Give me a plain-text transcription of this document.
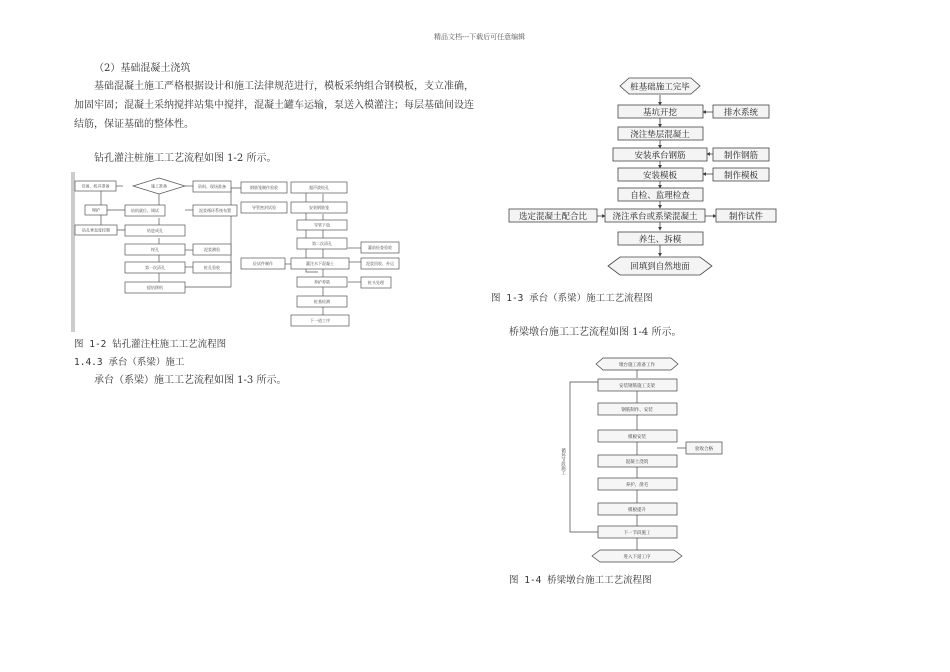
精品文档---下载后可任意编辑
（2）基础混凝土浇筑
基础混凝土施工严格根据设计和施工法律规范进行，模板采纳组合钢模板，支立准确，
加固牢固；混凝土采纳搅拌站集中搅拌，混凝土罐车运输，泵送入模灌注；每层基础间设连
结筋，保证基础的整体性。
钻孔灌注桩施工工艺流程如图 1-2 所示。
施工准备
设备、机具准备
埋护
钻孔垂直度控制
钻机就位、调试
钻进成孔
终孔
第一次清孔
提钻移机
资料、现场准备
泥浆循环系统布置
泥浆测验
桩孔验收
钢筋笼制作验收
导管密封试验
超声波检孔
安装钢筋笼
导管下放
第二次清孔
灌注水下混凝土
养护养筋
桩基检测
下一道工序
砼试件制作
灌前检查验收
泥浆回收、外运
桩头处理
图 1-2 钻孔灌注柱施工工艺流程图
1.4.3 承台（系梁）施工
承台（系梁）施工工艺流程如图 1-3 所示。
桩基础施工完毕
基坑开挖
浇注垫层混凝土
安装承台钢筋
安装模板
自检、监理检查
浇注承台或系梁混凝土
养生、拆模
回填到自然地面
排水系统
制作钢筋
制作模板
制作试件
选定混凝土配合比
图 1-3 承台（系梁）施工工艺流程图
桥梁墩台施工工艺流程如图 1-4 所示。
墩台施工准备工作
安装钢筋施工支架
钢筋制作、安装
模板安装
混凝土浇筑
养护、凿毛
模板提升
下一节段施工
进入下道工序
验收合格
循环节段施工
图 1-4 桥梁墩台施工工艺流程图
